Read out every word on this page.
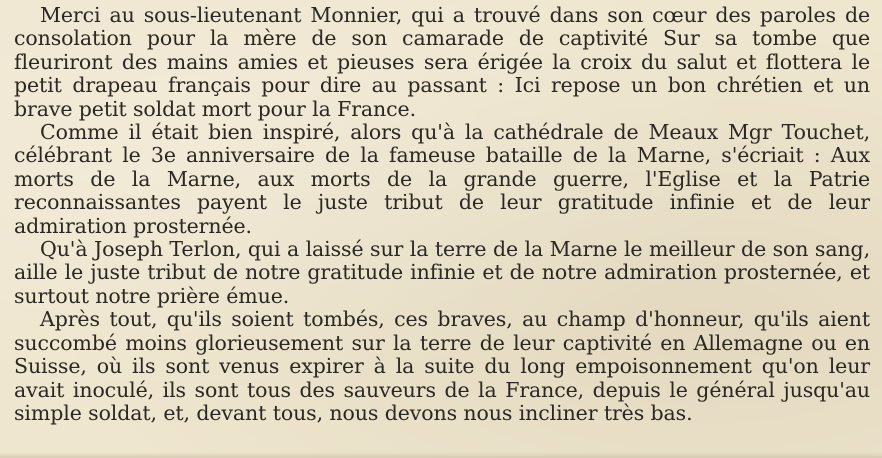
Merci au sous-lieutenant Monnier, qui a trouvé dans son cœur des paroles de consolation pour la mère de son camarade de captivité Sur sa tombe que fleuriront des mains amies et pieuses sera érigée la croix du salut et flottera le petit drapeau français pour dire au passant : Ici repose un bon chrétien et un brave petit soldat mort pour la France.

Comme il était bien inspiré, alors qu'à la cathédrale de Meaux Mgr Touchet, célébrant le 3e anniversaire de la fameuse bataille de la Marne, s'écriait : Aux morts de la Marne, aux morts de la grande guerre, l'Eglise et la Patrie reconnaissantes payent le juste tribut de leur gratitude infinie et de leur admiration prosternée.

Qu'à Joseph Terlon, qui a laissé sur la terre de la Marne le meilleur de son sang, aille le juste tribut de notre gratitude infinie et de notre admiration prosternée, et surtout notre prière émue.

Après tout, qu'ils soient tombés, ces braves, au champ d'honneur, qu'ils aient succombé moins glorieusement sur la terre de leur captivité en Allemagne ou en Suisse, où ils sont venus expirer à la suite du long empoisonnement qu'on leur avait inoculé, ils sont tous des sauveurs de la France, depuis le général jusqu'au simple soldat, et, devant tous, nous devons nous incliner très bas.
